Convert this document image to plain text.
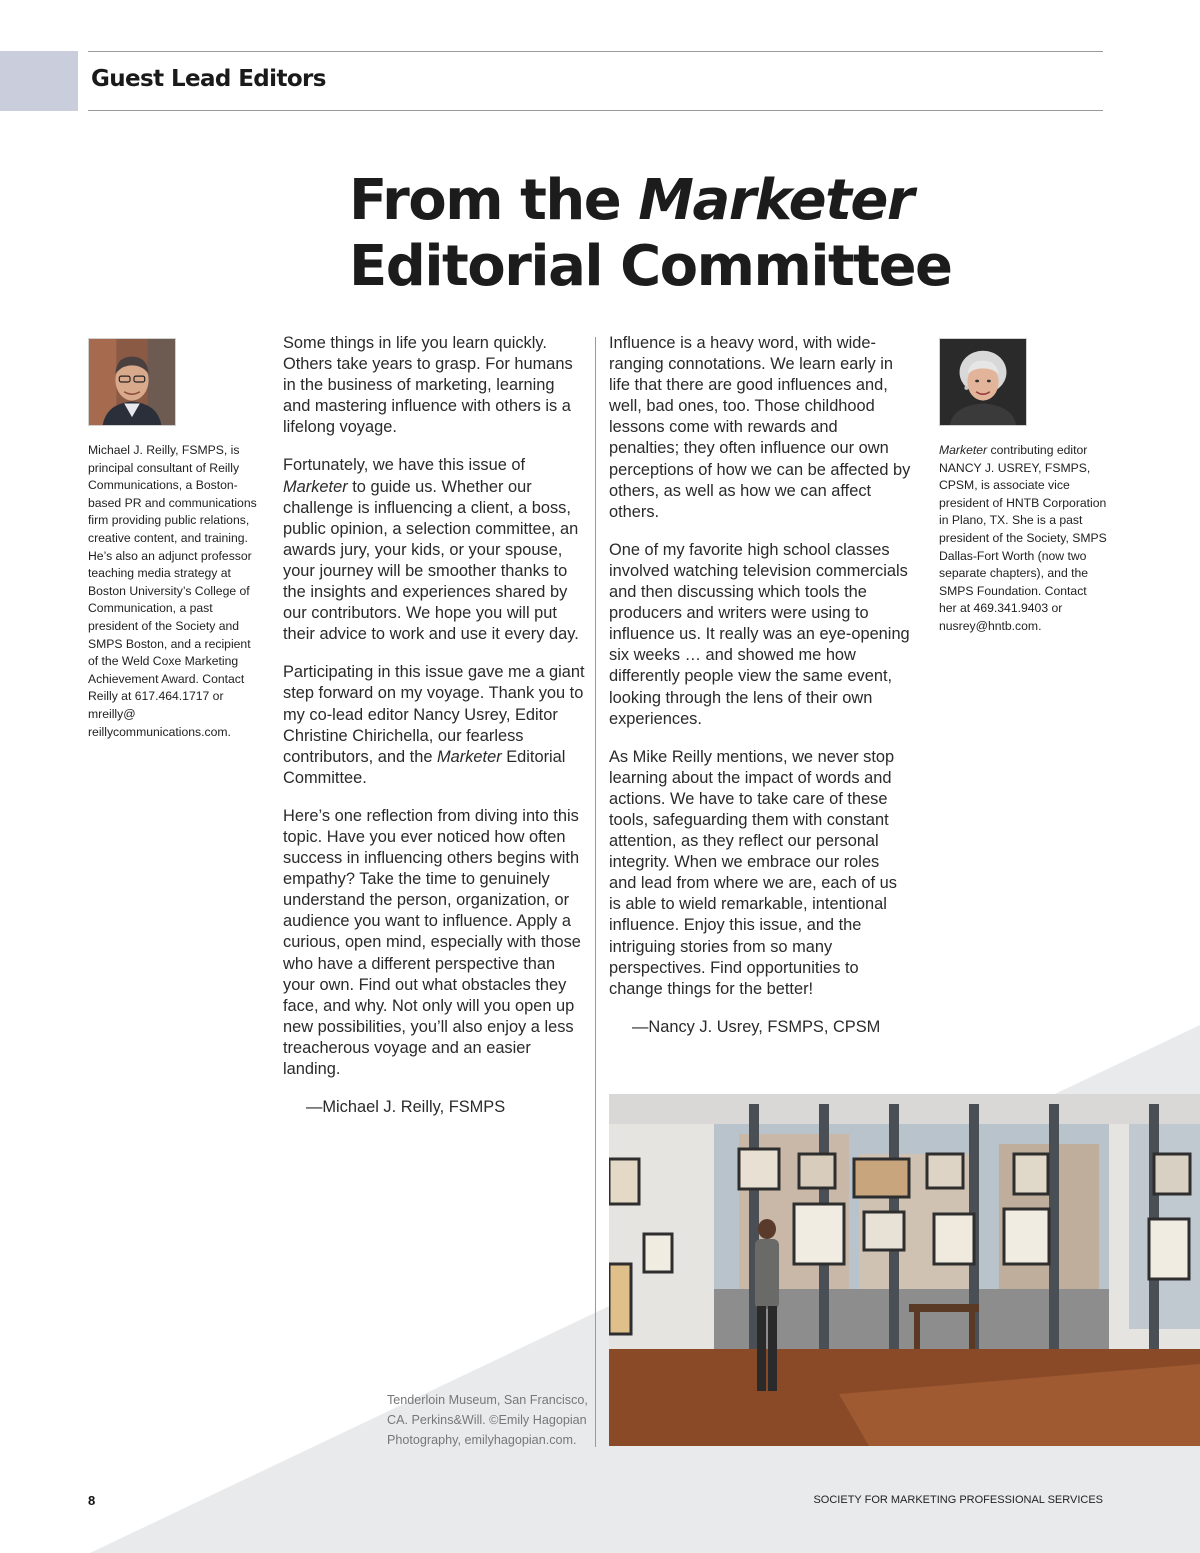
Guest Lead Editors
From the Marketer
Editorial Committee

Michael J. Reilly, FSMPS, is principal consultant of Reilly Communications, a Boston-based PR and communications firm providing public relations, creative content, and training. He’s also an adjunct professor teaching media strategy at Boston University’s College of Communication, a past president of the Society and SMPS Boston, and a recipient of the Weld Coxe Marketing Achievement Award. Contact Reilly at 617.464.1717 or mreilly@ reillycommunications.com.

Some things in life you learn quickly. Others take years to grasp. For humans in the business of marketing, learning and mastering influence with others is a lifelong voyage.

Fortunately, we have this issue of Marketer to guide us. Whether our challenge is influencing a client, a boss, public opinion, a selection committee, an awards jury, your kids, or your spouse, your journey will be smoother thanks to the insights and experiences shared by our contributors. We hope you will put their advice to work and use it every day.

Participating in this issue gave me a giant step forward on my voyage. Thank you to my co-lead editor Nancy Usrey, Editor Christine Chirichella, our fearless contributors, and the Marketer Editorial Committee.

Here’s one reflection from diving into this topic. Have you ever noticed how often success in influencing others begins with empathy? Take the time to genuinely understand the person, organization, or audience you want to influence. Apply a curious, open mind, especially with those who have a different perspective than your own. Find out what obstacles they face, and why. Not only will you open up new possibilities, you’ll also enjoy a less treacherous voyage and an easier landing.

—Michael J. Reilly, FSMPS

Influence is a heavy word, with wide-ranging connotations. We learn early in life that there are good influences and, well, bad ones, too. Those childhood lessons come with rewards and penalties; they often influence our own perceptions of how we can be affected by others, as well as how we can affect others.

One of my favorite high school classes involved watching television commercials and then discussing which tools the producers and writers were using to influence us. It really was an eye-opening six weeks … and showed me how differently people view the same event, looking through the lens of their own experiences.

As Mike Reilly mentions, we never stop learning about the impact of words and actions. We have to take care of these tools, safeguarding them with constant attention, as they reflect our personal integrity. When we embrace our roles and lead from where we are, each of us is able to wield remarkable, intentional influence. Enjoy this issue, and the intriguing stories from so many perspectives. Find opportunities to change things for the better!

—Nancy J. Usrey, FSMPS, CPSM

Marketer contributing editor NANCY J. USREY, FSMPS, CPSM, is associate vice president of HNTB Corporation in Plano, TX. She is a past president of the Society, SMPS Dallas-Fort Worth (now two separate chapters), and the SMPS Foundation. Contact her at 469.341.9403 or nusrey@hntb.com.

Tenderloin Museum, San Francisco,
CA. Perkins&Will. ©Emily Hagopian
Photography, emilyhagopian.com.

8	SOCIETY FOR MARKETING PROFESSIONAL SERVICES
